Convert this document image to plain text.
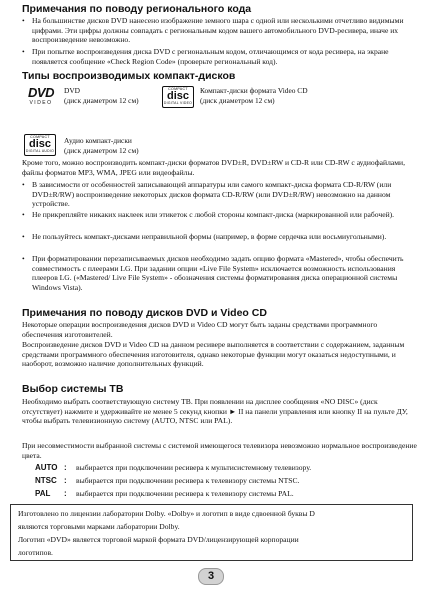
Примечания по поводу регионального кода
• На большинстве дисков DVD нанесено изображение земного шара с одной или несколькими отчетливо видимыми цифрами. Эти цифры должны совпадать с региональным кодом вашего автомобильного DVD-ресивера, иначе их воспроизведение невозможно.
• При попытке воспроизведения диска DVD с региональным кодом, отличающимся от кода ресивера, на экране появляется сообщение «Check Region Code» (проверьте региональный код).
Типы воспроизводимых компакт-дисков
DVD
VIDEO
DVD
(диск диаметром 12 см)
COMPACT
disc
DIGITAL VIDEO
Компакт-диски формата Video CD
(диск диаметром 12 см)
COMPACT
disc
DIGITAL AUDIO
Аудио компакт-диски
(диск диаметром 12 см)
Кроме того, можно воспроизводить компакт-диски форматов DVD±R, DVD±RW и CD-R или CD-RW с аудиофайлами, файлы форматов MP3, WMA, JPEG или видеофайлы.
• В зависимости от особенностей записывающей аппаратуры или самого компакт-диска формата CD-R/RW (или DVD±R/RW) воспроизведение некоторых дисков формата CD-R/RW (или DVD±R/RW) невозможно на данном устройстве.
• Не прикрепляйте никаких наклеек или этикеток с любой стороны компакт-диска (маркированной или рабочей).
• Не пользуйтесь компакт-дисками неправильной формы (например, в форме сердечка или восьмиугольными).
• При форматировании перезаписываемых дисков необходимо задать опцию формата «Mastered», чтобы обеспечить совместимость с плеерами LG. При задании опции «Live File System» исключается возможность использования плееров LG. («Mastered/ Live File System» - обозначения системы форматирования диска операционной системы Windows Vista).
Примечания по поводу дисков DVD и Video CD
Некоторые операции воспроизведения дисков DVD и Video CD могут быть заданы средствами программного обеспечения изготовителей.
Воспроизведение дисков DVD и Video CD на данном ресивере выполняется в соответствии с содержанием, заданным средствами программного обеспечения изготовителя, однако некоторые функции могут оказаться недоступными, и наоборот, возможно наличие дополнительных функций.
Выбор системы ТВ
Необходимо выбрать соответствующую систему ТВ. При появлении на дисплее сообщения «NO DISC» (диск отсутствует) нажмите и удерживайте не менее 5 секунд кнопки ► II на панели управления или кнопку II на пульте ДУ, чтобы выбрать телевизионную систему (AUTO, NTSC или PAL).
При несовместимости выбранной системы с системой имеющегося телевизора невозможно нормальное воспроизведение цвета.
AUTO : выбирается при подключении ресивера к мультисистемному телевизору.
NTSC : выбирается при подключении ресивера к телевизору системы NTSC.
PAL : выбирается при подключении ресивера к телевизору системы PAL.
Изготовлено по лицензии лаборатории Dolby. «Dolby» и логотип в виде сдвоенной буквы D
являются торговыми марками лаборатории Dolby.
Логотип «DVD» является торговой маркой формата DVD/лицензирующей корпорации
логотипов.
3
